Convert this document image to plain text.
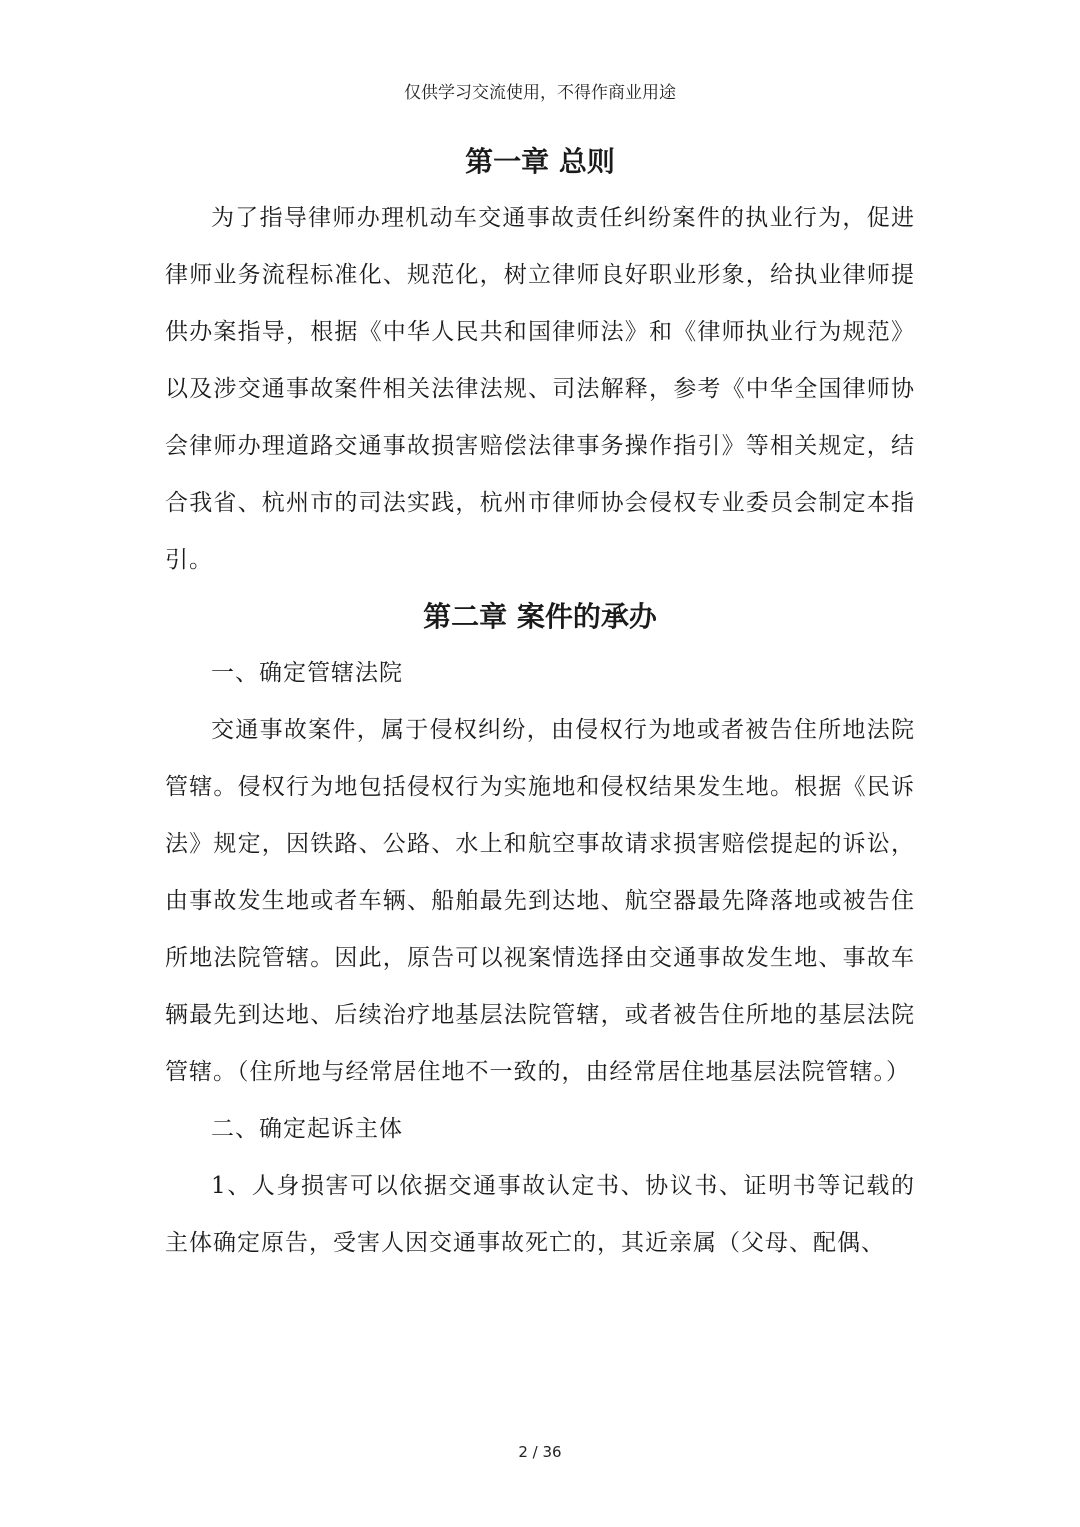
仅供学习交流使用，不得作商业用途
第一章 总则

为了指导律师办理机动车交通事故责任纠纷案件的执业行为，促进律师业务流程标准化、规范化，树立律师良好职业形象，给执业律师提供办案指导，根据《中华人民共和国律师法》和《律师执业行为规范》以及涉交通事故案件相关法律法规、司法解释，参考《中华全国律师协会律师办理道路交通事故损害赔偿法律事务操作指引》等相关规定，结合我省、杭州市的司法实践，杭州市律师协会侵权专业委员会制定本指引。

第二章 案件的承办

一、确定管辖法院

交通事故案件，属于侵权纠纷，由侵权行为地或者被告住所地法院管辖。侵权行为地包括侵权行为实施地和侵权结果发生地。根据《民诉法》规定，因铁路、公路、水上和航空事故请求损害赔偿提起的诉讼，由事故发生地或者车辆、船舶最先到达地、航空器最先降落地或被告住所地法院管辖。因此，原告可以视案情选择由交通事故发生地、事故车辆最先到达地、后续治疗地基层法院管辖，或者被告住所地的基层法院管辖。（住所地与经常居住地不一致的，由经常居住地基层法院管辖。）

二、确定起诉主体

1、人身损害可以依据交通事故认定书、协议书、证明书等记载的主体确定原告，受害人因交通事故死亡的，其近亲属（父母、配偶、

2 / 36
